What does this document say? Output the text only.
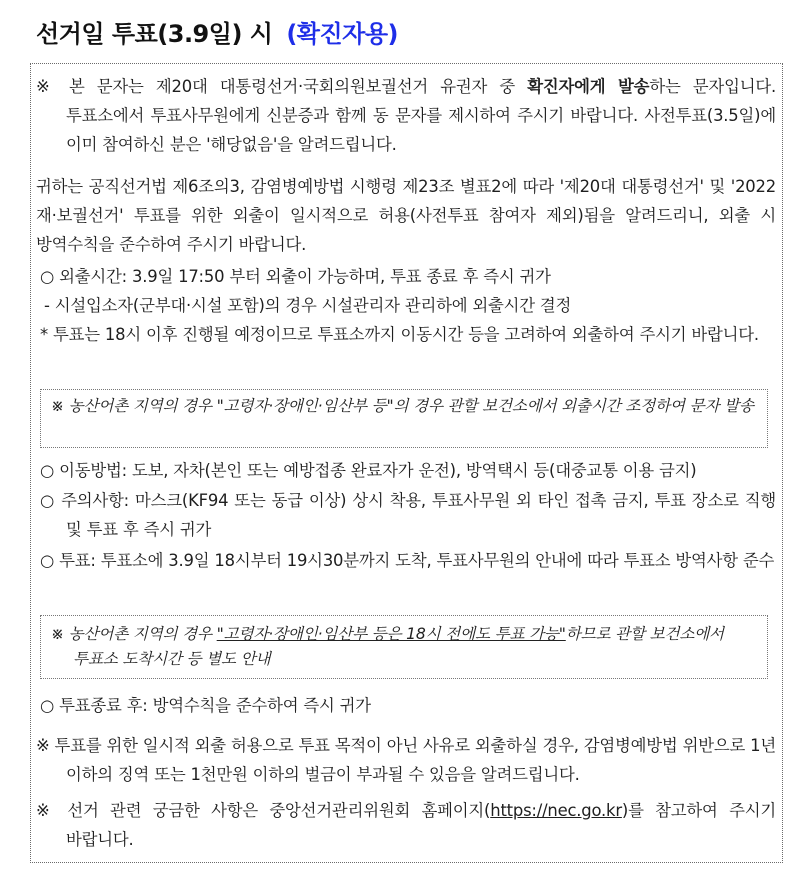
선거일 투표(3.9일) 시 (확진자용)
※ 본 문자는 제20대 대통령선거·국회의원보궐선거 유권자 중 확진자에게 발송하는 문자입니다. 투표소에서 투표사무원에게 신분증과 함께 동 문자를 제시하여 주시기 바랍니다. 사전투표(3.5일)에 이미 참여하신 분은 '해당없음'을 알려드립니다.
귀하는 공직선거법 제6조의3, 감염병예방법 시행령 제23조 별표2에 따라 '제20대 대통령선거' 및 '2022 재·보궐선거' 투표를 위한 외출이 일시적으로 허용(사전투표 참여자 제외)됨을 알려드리니, 외출 시 방역수칙을 준수하여 주시기 바랍니다.
○ 외출시간: 3.9일 17:50 부터 외출이 가능하며, 투표 종료 후 즉시 귀가
- 시설입소자(군부대·시설 포함)의 경우 시설관리자 관리하에 외출시간 결정
* 투표는 18시 이후 진행될 예정이므로 투표소까지 이동시간 등을 고려하여 외출하여 주시기 바랍니다.
※ 농산어촌 지역의 경우 "고령자·장애인·임산부 등"의 경우 관할 보건소에서 외출시간 조정하여 문자 발송
○ 이동방법: 도보, 자차(본인 또는 예방접종 완료자가 운전), 방역택시 등(대중교통 이용 금지)
○ 주의사항: 마스크(KF94 또는 동급 이상) 상시 착용, 투표사무원 외 타인 접촉 금지, 투표 장소로 직행 및 투표 후 즉시 귀가
○ 투표: 투표소에 3.9일 18시부터 19시30분까지 도착, 투표사무원의 안내에 따라 투표소 방역사항 준수
※ 농산어촌 지역의 경우 "고령자·장애인·임산부 등은 18시 전에도 투표 가능"하므로 관할 보건소에서 투표소 도착시간 등 별도 안내
○ 투표종료 후: 방역수칙을 준수하여 즉시 귀가
※ 투표를 위한 일시적 외출 허용으로 투표 목적이 아닌 사유로 외출하실 경우, 감염병예방법 위반으로 1년 이하의 징역 또는 1천만원 이하의 벌금이 부과될 수 있음을 알려드립니다.
※ 선거 관련 궁금한 사항은 중앙선거관리위원회 홈페이지(https://nec.go.kr)를 참고하여 주시기 바랍니다.
